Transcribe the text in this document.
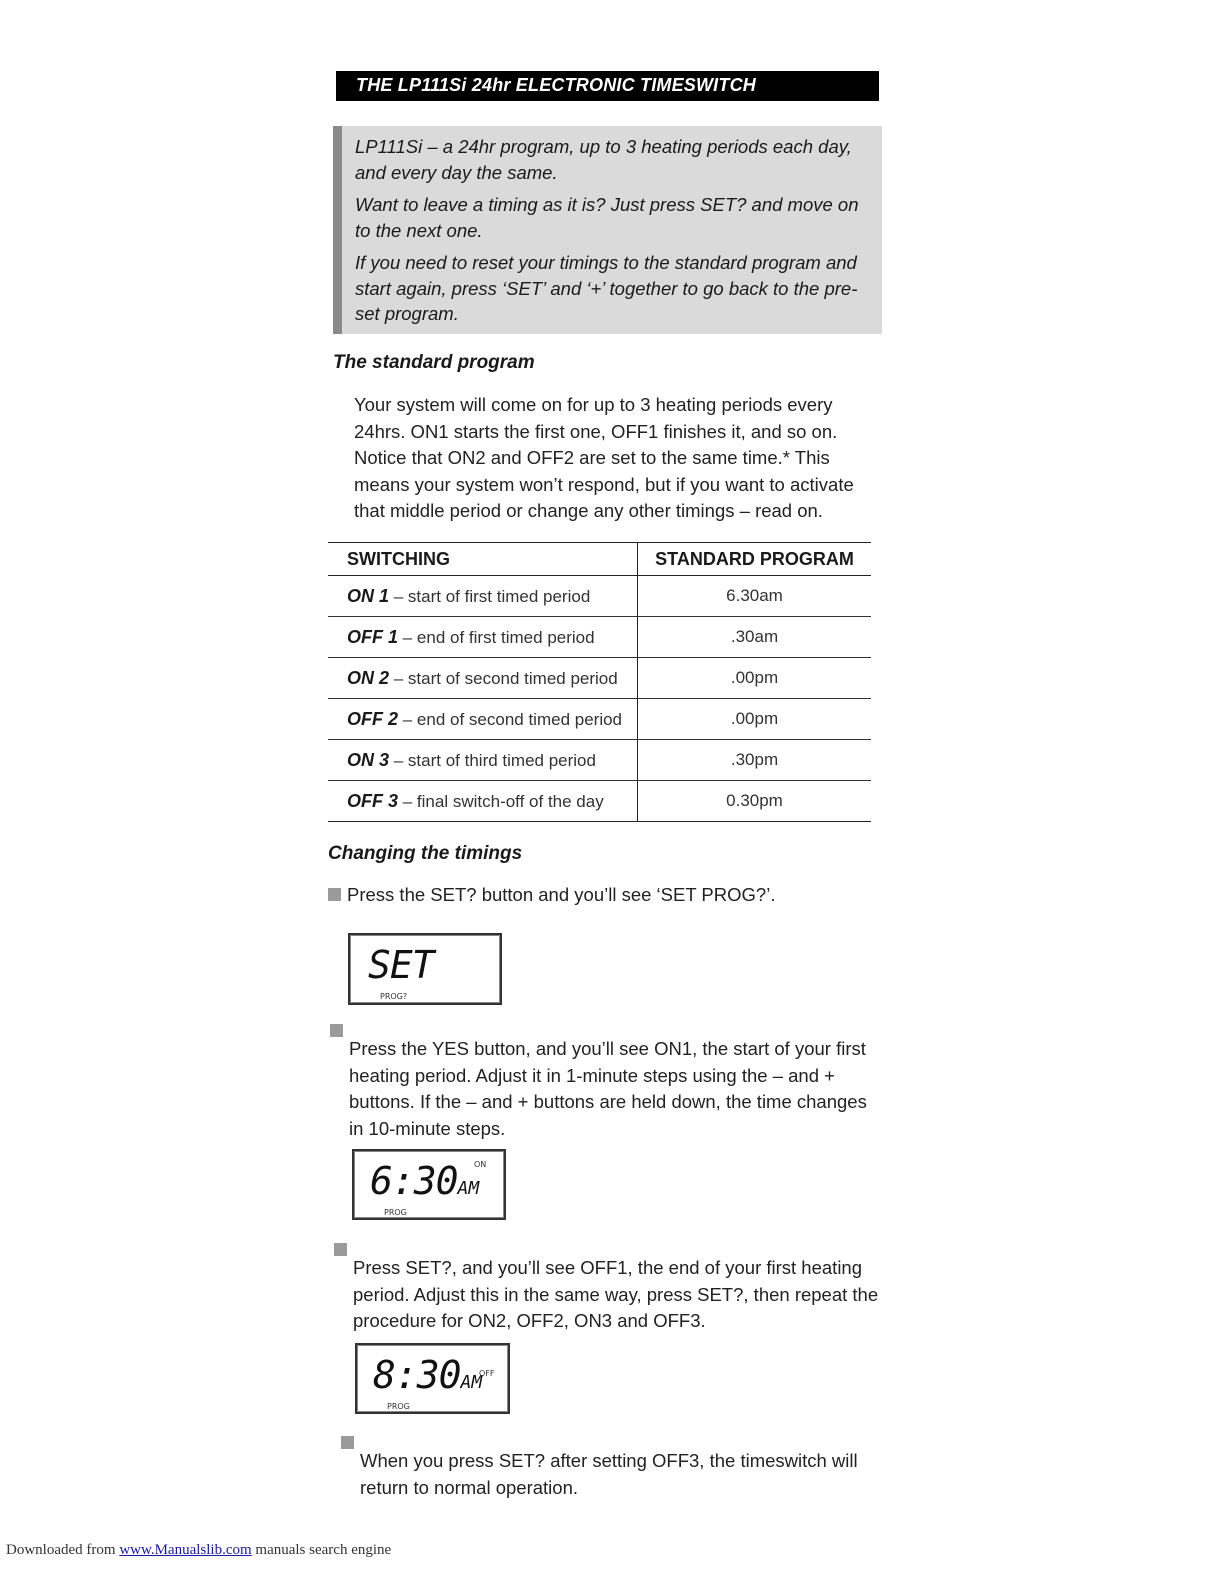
THE LP111Si 24hr ELECTRONIC TIMESWITCH

LP111Si – a 24hr program, up to 3 heating periods each day, and every day the same.

Want to leave a timing as it is? Just press SET? and move on to the next one.

If you need to reset your timings to the standard program and start again, press ‘SET’ and ‘+’ together to go back to the pre-set program.

The standard program

Your system will come on for up to 3 heating periods every 24hrs. ON1 starts the first one, OFF1 finishes it, and so on. Notice that ON2 and OFF2 are set to the same time.* This means your system won’t respond, but if you want to activate that middle period or change any other timings – read on.

SWITCHING	STANDARD PROGRAM
ON 1 – start of first timed period	6.30am
OFF 1 – end of first timed period	.30am
ON 2 – start of second timed period	.00pm
OFF 2 – end of second timed period	.00pm
ON 3 – start of third timed period	.30pm
OFF 3 – final switch-off of the day	0.30pm
Changing the timings

Press the SET? button and you’ll see ‘SET PROG?’.

SET
PROG?

Press the YES button, and you’ll see ON1, the start of your first heating period. Adjust it in 1-minute steps using the – and + buttons. If the – and + buttons are held down, the time changes in 10-minute steps.

6:30AM
ON
PROG

Press SET?, and you’ll see OFF1, the end of your first heating period. Adjust this in the same way, press SET?, then repeat the procedure for ON2, OFF2, ON3 and OFF3.

8:30AM
OFF
PROG

When you press SET? after setting OFF3, the timeswitch will return to normal operation.

Downloaded from www.Manualslib.com manuals search engine
